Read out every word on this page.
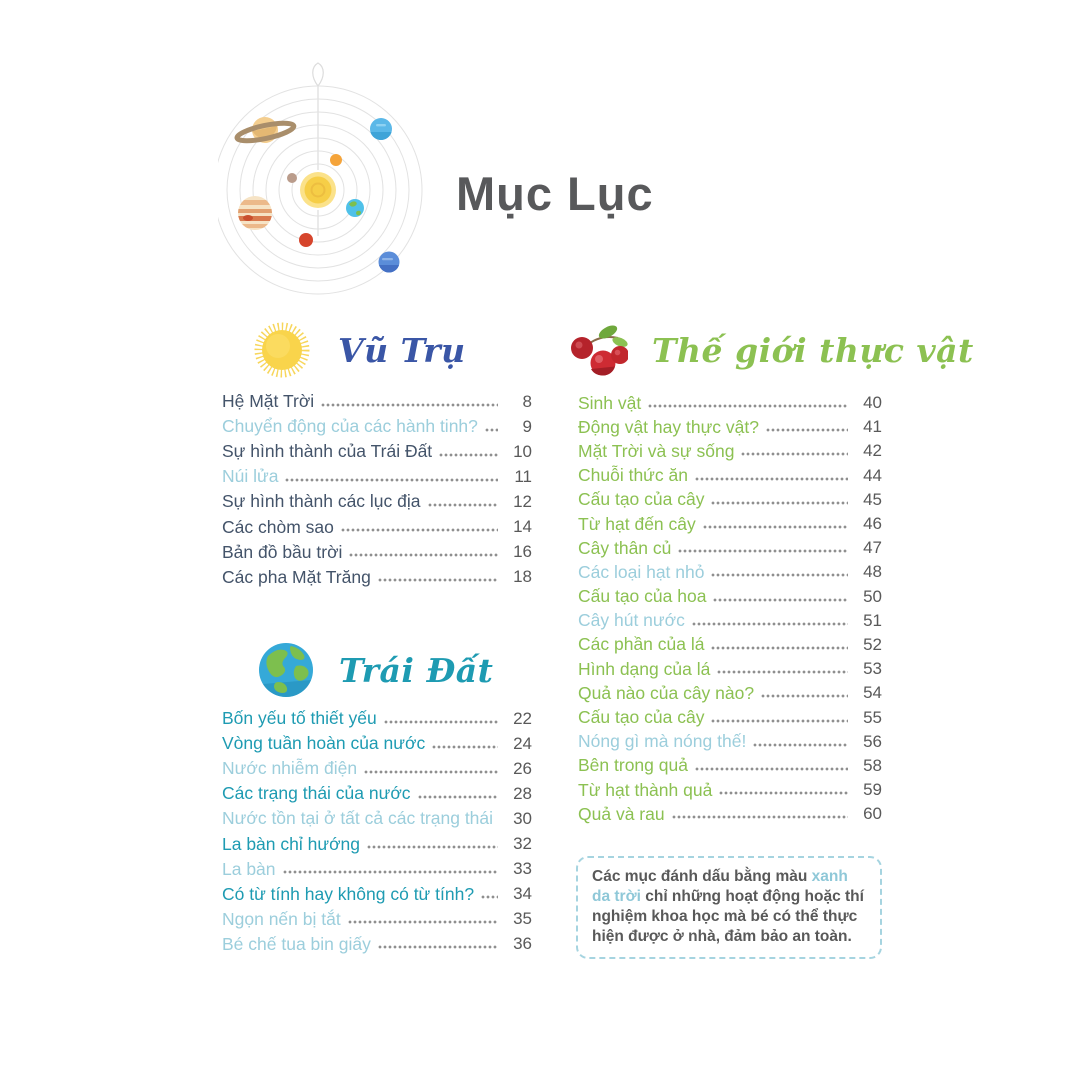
Mục Lục
Vũ Trụ
Hệ Mặt Trời	8
Chuyển động của các hành tinh?	9
Sự hình thành của Trái Đất	10
Núi lửa	11
Sự hình thành các lục địa	12
Các chòm sao	14
Bản đồ bầu trời	16
Các pha Mặt Trăng	18
Trái Đất
Bốn yếu tố thiết yếu	22
Vòng tuần hoàn của nước	24
Nước nhiễm điện	26
Các trạng thái của nước	28
Nước tồn tại ở tất cả các trạng thái	30
La bàn chỉ hướng	32
La bàn	33
Có từ tính hay không có từ tính?	34
Ngọn nến bị tắt	35
Bé chế tua bin giấy	36
Thế giới thực vật
Sinh vật	40
Động vật hay thực vật?	41
Mặt Trời và sự sống	42
Chuỗi thức ăn	44
Cấu tạo của cây	45
Từ hạt đến cây	46
Cây thân củ	47
Các loại hạt nhỏ	48
Cấu tạo của hoa	50
Cây hút nước	51
Các phần của lá	52
Hình dạng của lá	53
Quả nào của cây nào?	54
Cấu tạo của cây	55
Nóng gì mà nóng thế!	56
Bên trong quả	58
Từ hạt thành quả	59
Quả và rau	60
Các mục đánh dấu bằng màu xanh da trời chỉ những hoạt động hoặc thí nghiệm khoa học mà bé có thể thực hiện được ở nhà, đảm bảo an toàn.
